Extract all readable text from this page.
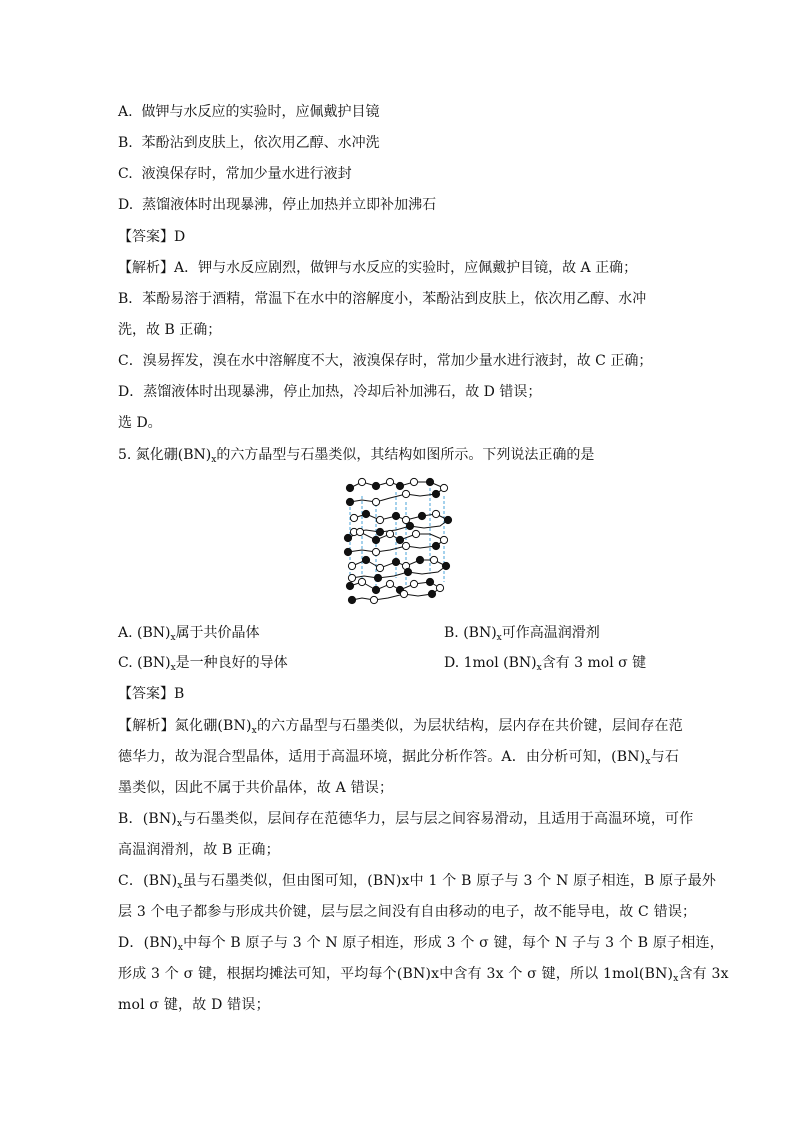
A. 做钾与水反应的实验时，应佩戴护目镜
B. 苯酚沾到皮肤上，依次用乙醇、水冲洗
C. 液溴保存时，常加少量水进行液封
D. 蒸馏液体时出现暴沸，停止加热并立即补加沸石
【答案】D
【解析】A．钾与水反应剧烈，做钾与水反应的实验时，应佩戴护目镜，故 A 正确；
B．苯酚易溶于酒精，常温下在水中的溶解度小，苯酚沾到皮肤上，依次用乙醇、水冲
洗，故 B 正确；
C．溴易挥发，溴在水中溶解度不大，液溴保存时，常加少量水进行液封，故 C 正确；
D．蒸馏液体时出现暴沸，停止加热，冷却后补加沸石，故 D 错误；
选 D。
5. 氮化硼$(BN)_x$的六方晶型与石墨类似，其结构如图所示。下列说法正确的是
A. $(BN)_x$属于共价晶体	B. $(BN)_x$可作高温润滑剂
C. $(BN)_x$是一种良好的导体	D. 1mol $(BN)_x$含有 3 mol σ 键
【答案】B
【解析】氮化硼$(BN)_x$的六方晶型与石墨类似，为层状结构，层内存在共价键，层间存在范
德华力，故为混合型晶体，适用于高温环境，据此分析作答。A．由分析可知，$(BN)_x$与石
墨类似，因此不属于共价晶体，故 A 错误；
B．$(BN)_x$与石墨类似，层间存在范德华力，层与层之间容易滑动，且适用于高温环境，可作
高温润滑剂，故 B 正确；
C．$(BN)_x$虽与石墨类似，但由图可知，(BN)x中 1 个 B 原子与 3 个 N 原子相连，B 原子最外
层 3 个电子都参与形成共价键，层与层之间没有自由移动的电子，故不能导电，故 C 错误；
D．$(BN)_x$中每个 B 原子与 3 个 N 原子相连，形成 3 个 σ 键，每个 N 子与 3 个 B 原子相连，
形成 3 个 σ 键，根据均摊法可知，平均每个(BN)x中含有 3x 个 σ 键，所以 $1mol(BN)_x$含有 3x
mol σ 键，故 D 错误；
